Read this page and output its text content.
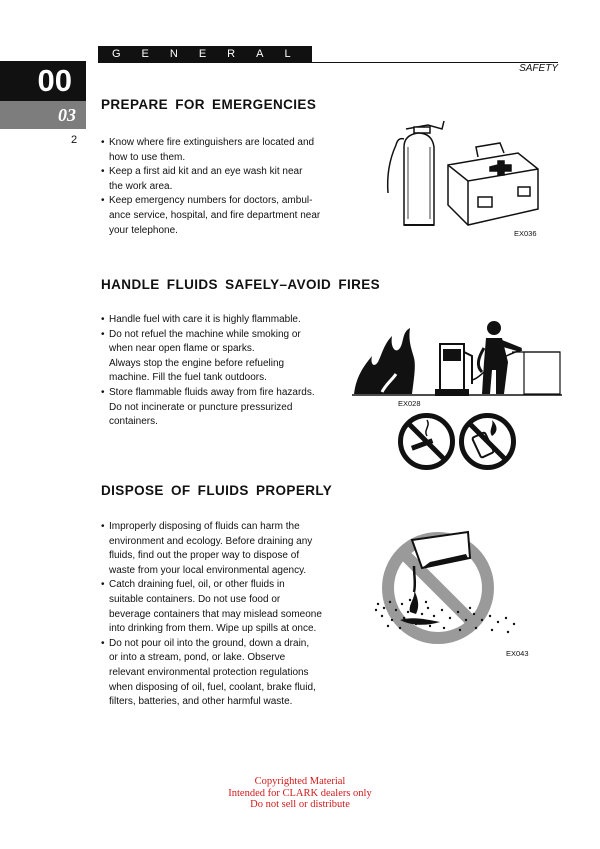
GENERAL
SAFETY
00
03
2
PREPARE FOR EMERGENCIES
• Know where fire extinguishers are located and
how to use them.
• Keep a first aid kit and an eye wash kit near
the work area.
• Keep emergency numbers for doctors, ambul-
ance service, hospital, and fire department near
your telephone.	EX036
HANDLE FLUIDS SAFELY–AVOID FIRES
• Handle fuel with care it is highly flammable.
• Do not refuel the machine while smoking or
when near open flame or sparks.
Always stop the engine before refueling
machine. Fill the fuel tank outdoors.
• Store flammable fluids away from fire hazards.
Do not incinerate or puncture pressurized
containers.
EX028
DISPOSE OF FLUIDS PROPERLY
• Improperly disposing of fluids can harm the
environment and ecology. Before draining any
fluids, find out the proper way to dispose of
waste from your local environmental agency.
• Catch draining fuel, oil, or other fluids in
suitable containers. Do not use food or
beverage containers that may mislead someone
into drinking from them. Wipe up spills at once.
• Do not pour oil into the ground, down a drain,
or into a stream, pond, or lake. Observe
relevant environmental protection regulations
when disposing of oil, fuel, coolant, brake fluid,
filters, batteries, and other harmful waste.
EX043
Copyrighted Material
Intended for CLARK dealers only
Do not sell or distribute
